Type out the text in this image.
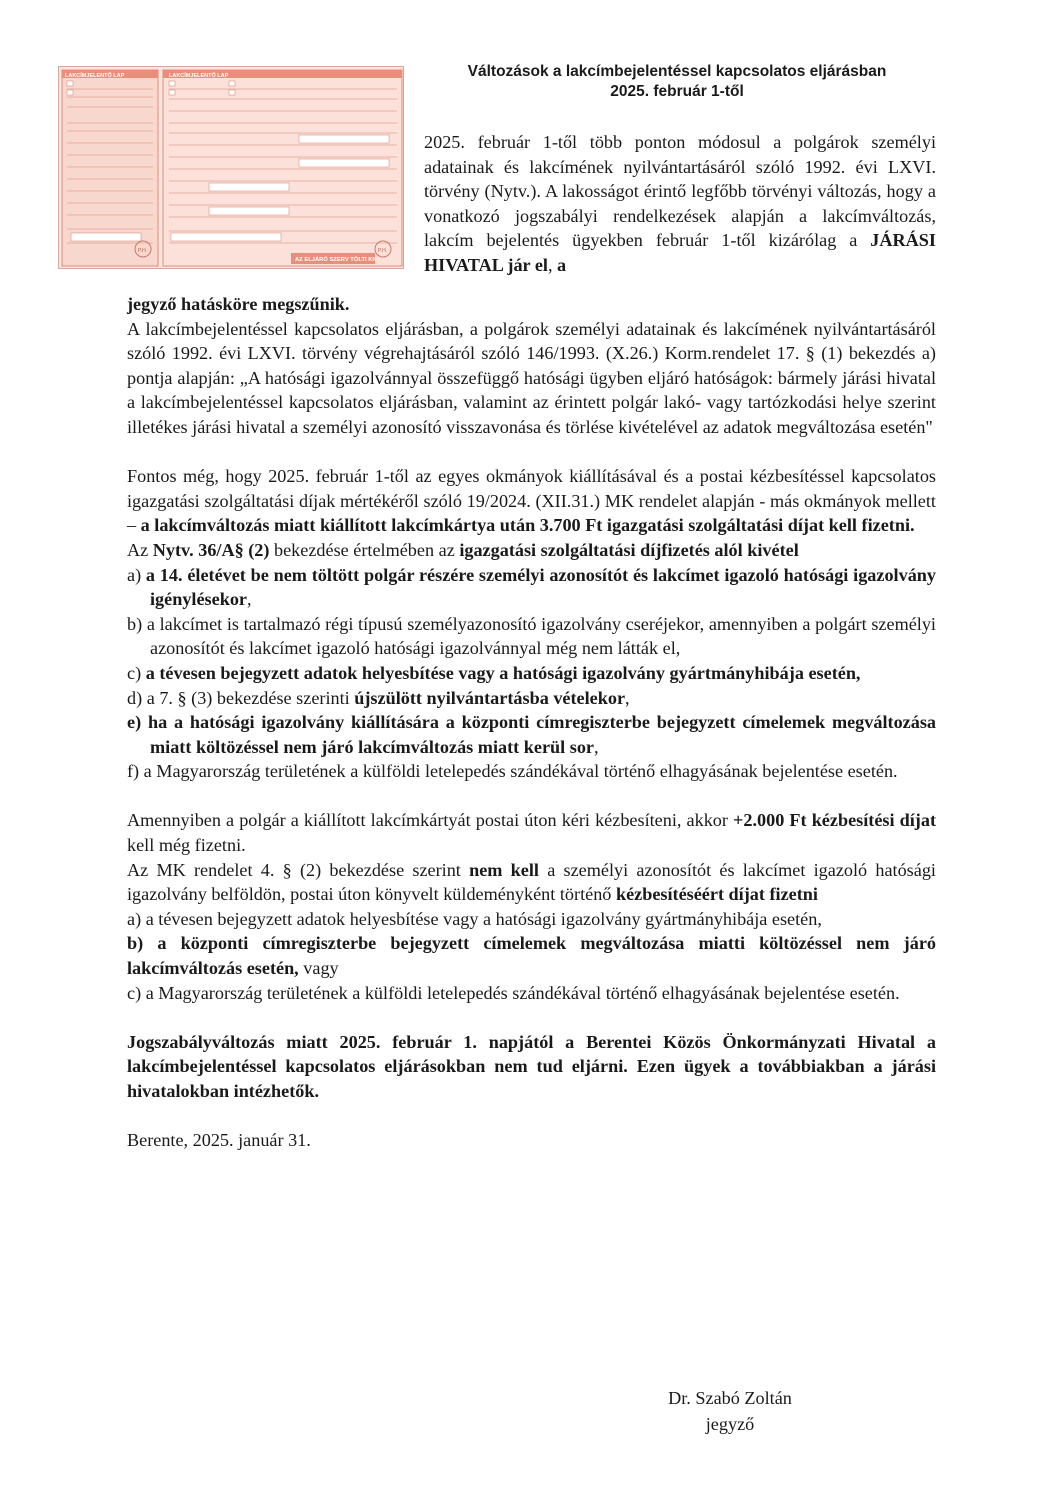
LAKCÍMJELENTŐ LAP	LAKCÍMJELENTŐ LAP
P.H.	P.H.
AZ ELJÁRÓ SZERV TÖLTI KI!
Változások a lakcímbejelentéssel kapcsolatos eljárásban
2025. február 1-től
2025. február 1-től több ponton módosul a polgárok személyi adatainak és lakcímének nyilvántartásáról szóló 1992. évi LXVI. törvény (Nytv.). A lakosságot érintő legfőbb törvényi változás, hogy a vonatkozó jogszabályi rendelkezések alapján a lakcímváltozás, lakcím bejelentés ügyekben február 1-től kizárólag a JÁRÁSI HIVATAL jár el, a

jegyző hatásköre megszűnik.

A lakcímbejelentéssel kapcsolatos eljárásban, a polgárok személyi adatainak és lakcímének nyilvántartásáról szóló 1992. évi LXVI. törvény végrehajtásáról szóló 146/1993. (X.26.) Korm.rendelet 17. § (1) bekezdés a) pontja alapján: „A hatósági igazolvánnyal összefüggő hatósági ügyben eljáró hatóságok: bármely járási hivatal a lakcímbejelentéssel kapcsolatos eljárásban, valamint az érintett polgár lakó- vagy tartózkodási helye szerint illetékes járási hivatal a személyi azonosító visszavonása és törlése kivételével az adatok megváltozása esetén"

Fontos még, hogy 2025. február 1-től az egyes okmányok kiállításával és a postai kézbesítéssel kapcsolatos igazgatási szolgáltatási díjak mértékéről szóló 19/2024. (XII.31.) MK rendelet alapján - más okmányok mellett – a lakcímváltozás miatt kiállított lakcímkártya után 3.700 Ft igazgatási szolgáltatási díjat kell fizetni.

Az Nytv. 36/A§ (2) bekezdése értelmében az igazgatási szolgáltatási díjfizetés alól kivétel

a) a 14. életévet be nem töltött polgár részére személyi azonosítót és lakcímet igazoló hatósági igazolvány igénylésekor,

b) a lakcímet is tartalmazó régi típusú személyazonosító igazolvány cseréjekor, amennyiben a polgárt személyi azonosítót és lakcímet igazoló hatósági igazolvánnyal még nem látták el,

c) a tévesen bejegyzett adatok helyesbítése vagy a hatósági igazolvány gyártmányhibája esetén,

d) a 7. § (3) bekezdése szerinti újszülött nyilvántartásba vételekor,

e) ha a hatósági igazolvány kiállítására a központi címregiszterbe bejegyzett címelemek megváltozása miatt költözéssel nem járó lakcímváltozás miatt kerül sor,

f) a Magyarország területének a külföldi letelepedés szándékával történő elhagyásának bejelentése esetén.

Amennyiben a polgár a kiállított lakcímkártyát postai úton kéri kézbesíteni, akkor +2.000 Ft kézbesítési díjat kell még fizetni.

Az MK rendelet 4. § (2) bekezdése szerint nem kell a személyi azonosítót és lakcímet igazoló hatósági igazolvány belföldön, postai úton könyvelt küldeményként történő kézbesítéséért díjat fizetni

a) a tévesen bejegyzett adatok helyesbítése vagy a hatósági igazolvány gyártmányhibája esetén,

b) a központi címregiszterbe bejegyzett címelemek megváltozása miatti költözéssel nem járó lakcímváltozás esetén, vagy

c) a Magyarország területének a külföldi letelepedés szándékával történő elhagyásának bejelentése esetén.

Jogszabályváltozás miatt 2025. február 1. napjától a Berentei Közös Önkormányzati Hivatal a lakcímbejelentéssel kapcsolatos eljárásokban nem tud eljárni. Ezen ügyek a továbbiakban a járási hivatalokban intézhetők.

Berente, 2025. január 31.

Dr. Szabó Zoltán
jegyző
